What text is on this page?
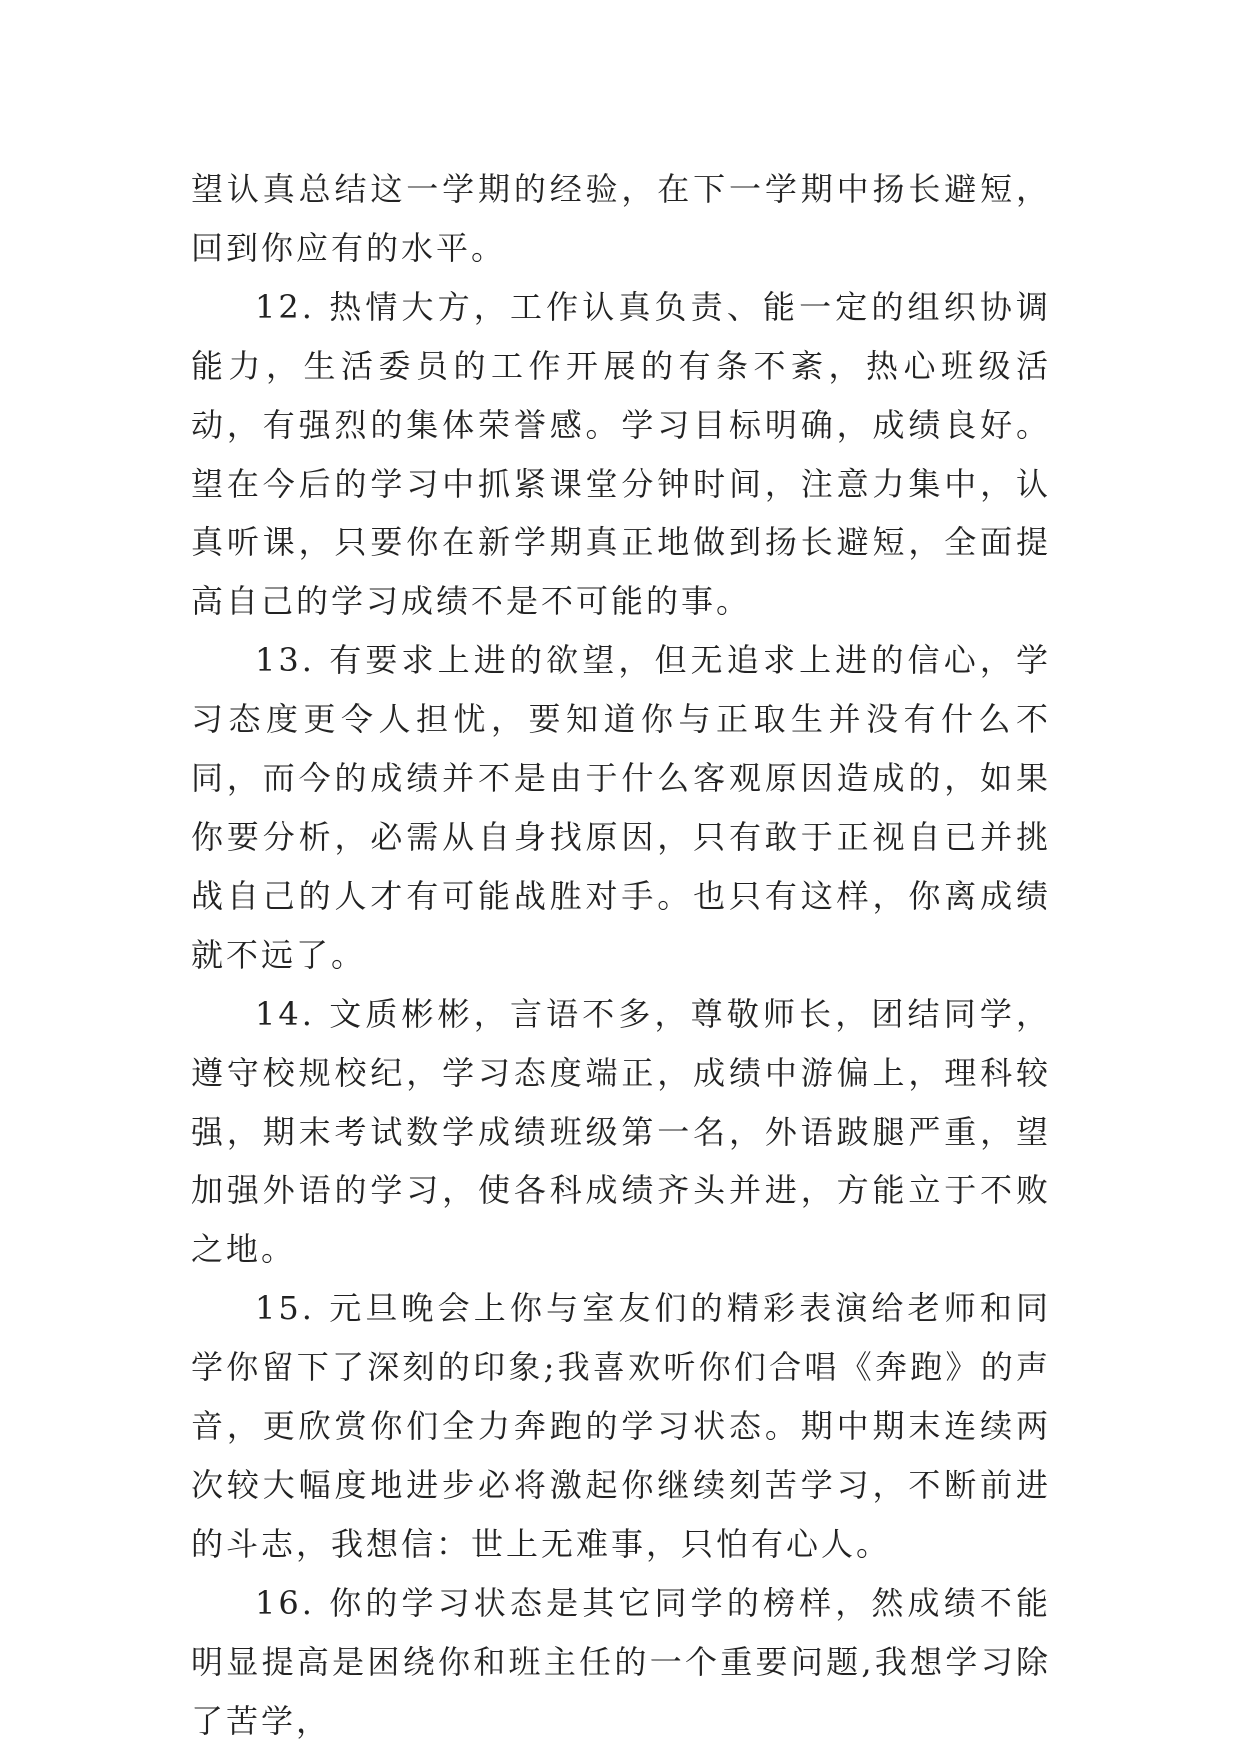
望认真总结这一学期的经验，在下一学期中扬长避短，回到你应有的水平。

12. 热情大方，工作认真负责、能一定的组织协调能力，生活委员的工作开展的有条不紊，热心班级活动，有强烈的集体荣誉感。学习目标明确，成绩良好。望在今后的学习中抓紧课堂分钟时间，注意力集中，认真听课，只要你在新学期真正地做到扬长避短，全面提高自己的学习成绩不是不可能的事。

13. 有要求上进的欲望，但无追求上进的信心，学习态度更令人担忧，要知道你与正取生并没有什么不同，而今的成绩并不是由于什么客观原因造成的，如果你要分析，必需从自身找原因，只有敢于正视自已并挑战自己的人才有可能战胜对手。也只有这样，你离成绩就不远了。

14. 文质彬彬，言语不多，尊敬师长，团结同学，遵守校规校纪，学习态度端正，成绩中游偏上，理科较强，期末考试数学成绩班级第一名，外语跛腿严重，望加强外语的学习，使各科成绩齐头并进，方能立于不败之地。

15. 元旦晚会上你与室友们的精彩表演给老师和同学你留下了深刻的印象;我喜欢听你们合唱《奔跑》的声音，更欣赏你们全力奔跑的学习状态。期中期末连续两次较大幅度地进步必将激起你继续刻苦学习，不断前进的斗志，我想信：世上无难事，只怕有心人。

16. 你的学习状态是其它同学的榜样，然成绩不能明显提高是困绕你和班主任的一个重要问题,我想学习除了苦学，
